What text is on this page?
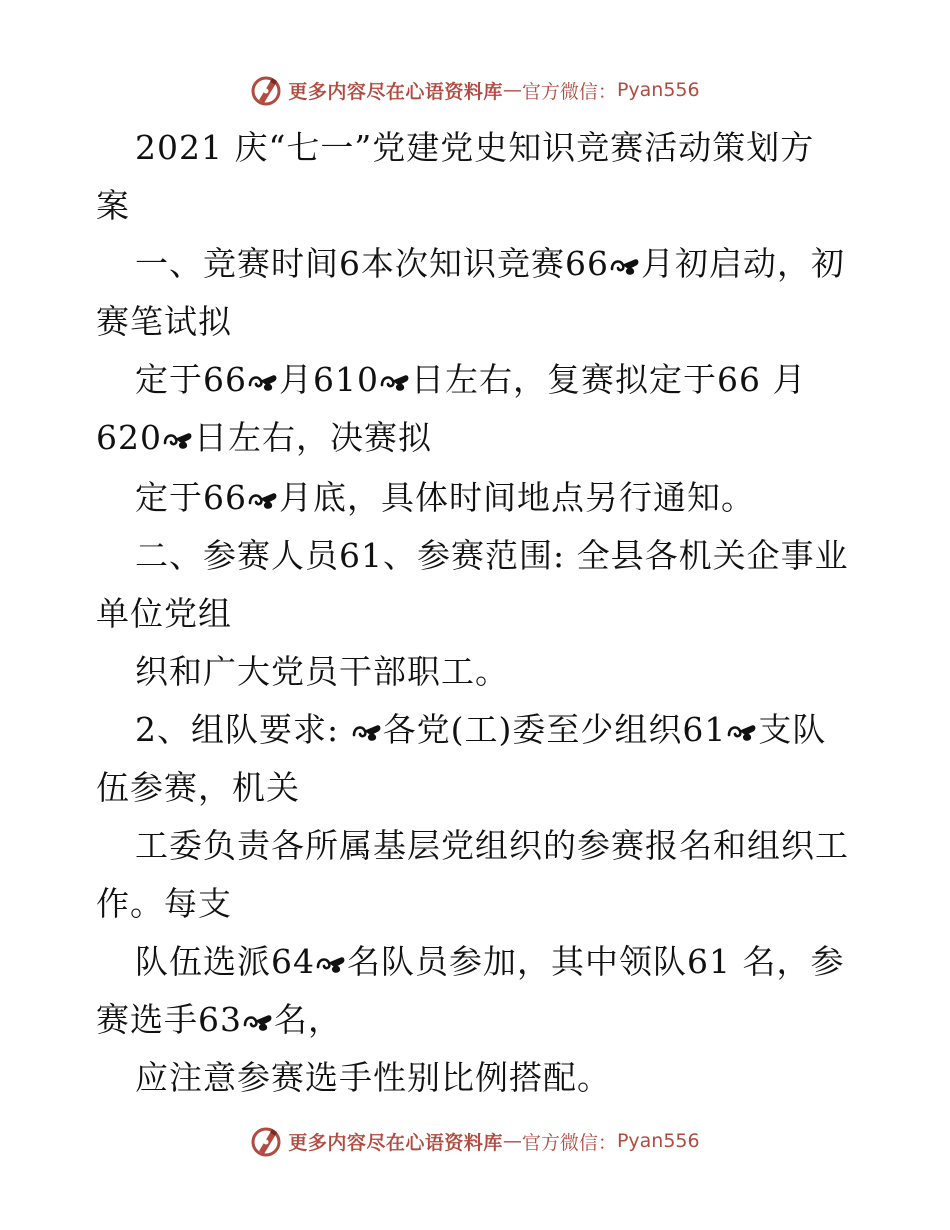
更多内容尽在心语资料库 — 官方微信： Pyan556
2021 庆“七一”党建党史知识竞赛活动策划方
案
一、竞赛时间6本次知识竞赛66 月初启动，初
赛笔试拟
定于66 月610 日左右，复赛拟定于66 月
620 日左右，决赛拟
定于66 月底，具体时间地点另行通知。
二、参赛人员61、参赛范围: 全县各机关企事业
单位党组
织和广大党员干部职工。
2、组队要求: 各党(工)委至少组织61 支队
伍参赛，机关
工委负责各所属基层党组织的参赛报名和组织工
作。每支
队伍选派64 名队员参加，其中领队61 名，参
赛选手63 名，
应注意参赛选手性别比例搭配。
更多内容尽在心语资料库 — 官方微信： Pyan556
